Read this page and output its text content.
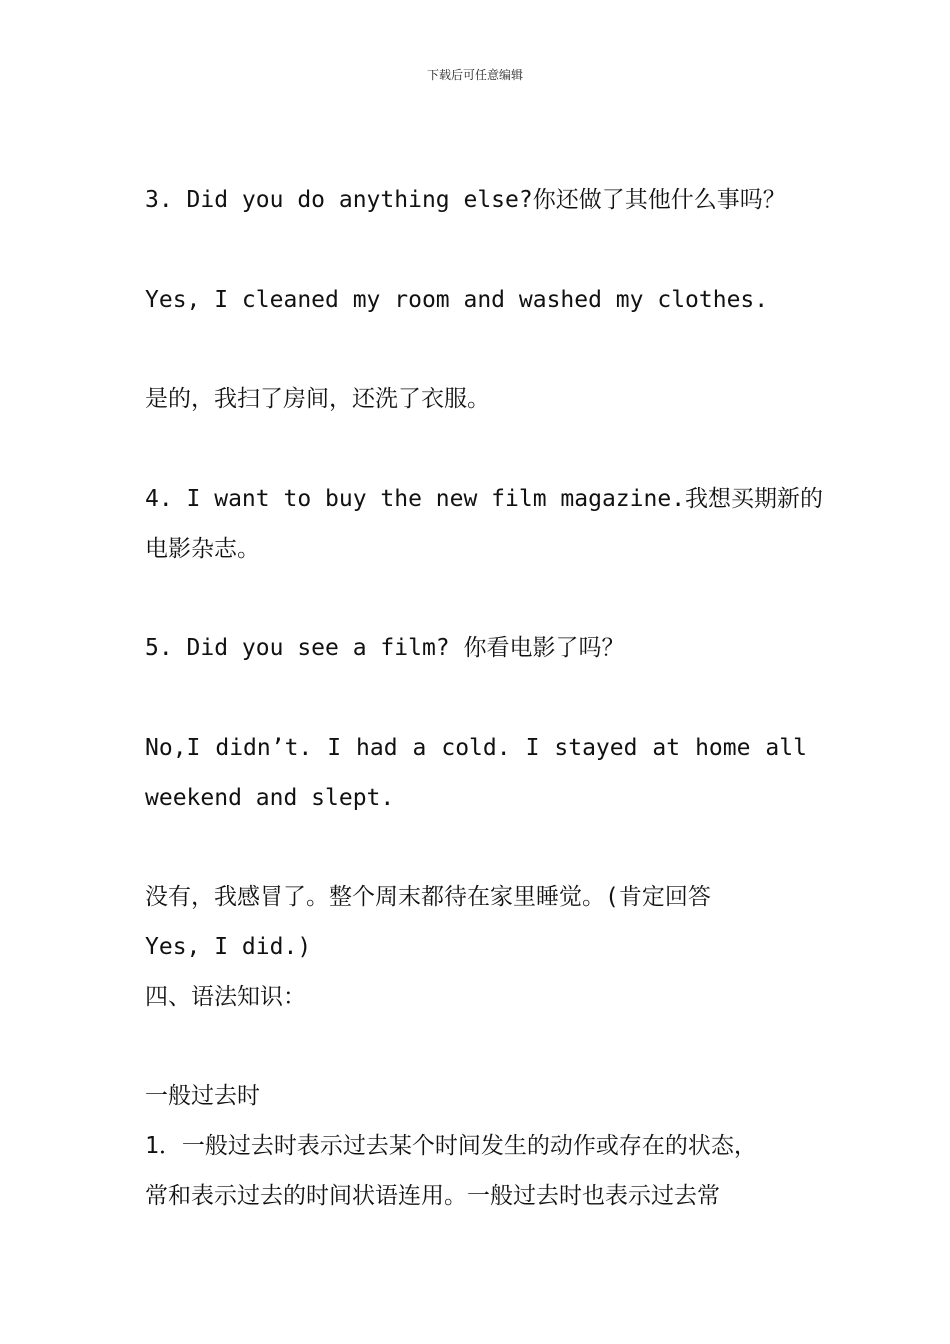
下载后可任意编辑
3. Did you do anything else?你还做了其他什么事吗？
Yes, I cleaned my room and washed my clothes.
是的，我扫了房间，还洗了衣服。
4. I want to buy the new film magazine.我想买期新的
电影杂志。
5. Did you see a film? 你看电影了吗？
No,I didn’t. I had a cold. I stayed at home all
weekend and slept.
没有，我感冒了。整个周末都待在家里睡觉。(肯定回答
Yes, I did.)
四、语法知识：
一般过去时
1．一般过去时表示过去某个时间发生的动作或存在的状态，
常和表示过去的时间状语连用。一般过去时也表示过去常
